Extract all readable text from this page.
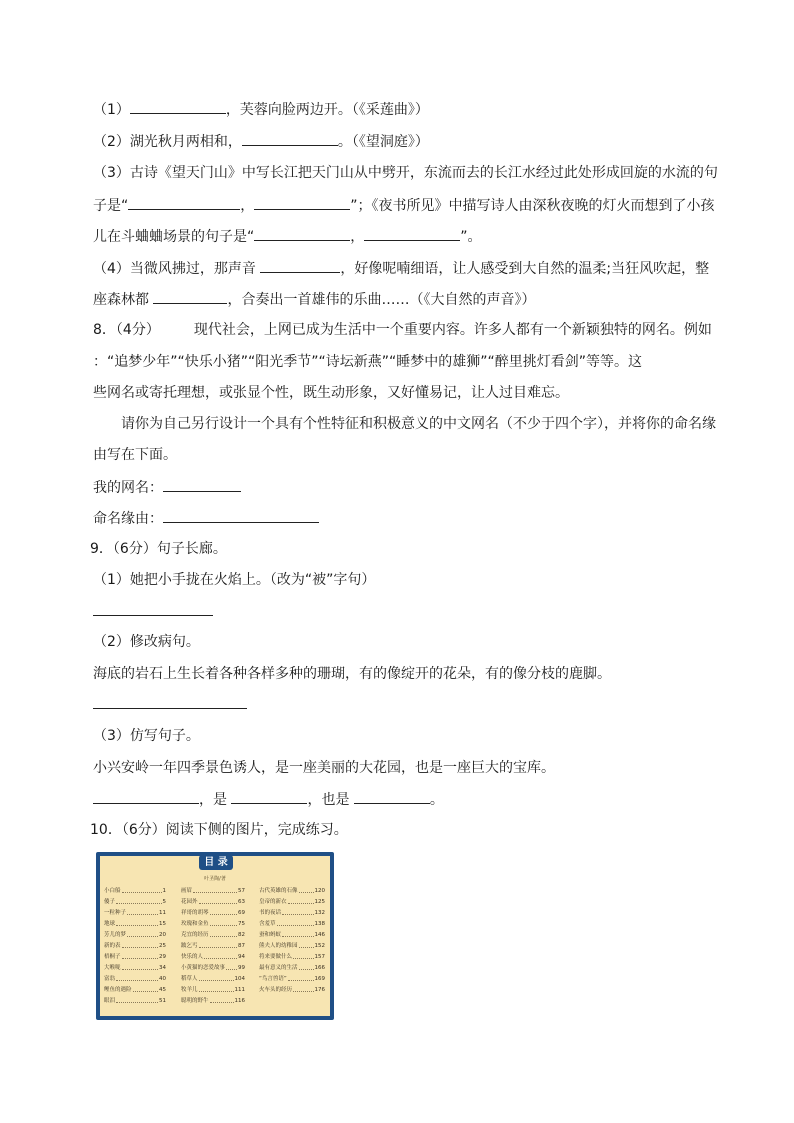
（1）	，芙蓉向脸两边开。（《采莲曲》）
（2）湖光秋月两相和，	。（《望洞庭》）
（3）古诗《望天门山》中写长江把天门山从中劈开，东流而去的长江水经过此处形成回旋的水流的句
子是“	，	”；《夜书所见》中描写诗人由深秋夜晚的灯火而想到了小孩
儿在斗蛐蛐场景的句子是“	，	”。
（4）当微风拂过，那声音	，好像呢喃细语，让人感受到大自然的温柔;当狂风吹起，整
座森林都	，合奏出一首雄伟的乐曲……（《大自然的声音》）
8．（4分） 现代社会，上网已成为生活中一个重要内容。许多人都有一个新颖独特的网名。例如
：“追梦少年”“快乐小猪”“阳光季节”“诗坛新燕”“睡梦中的雄狮”“醉里挑灯看剑”等等。这
些网名或寄托理想，或张显个性，既生动形象，又好懂易记，让人过目难忘。
请你为自己另行设计一个具有个性特征和积极意义的中文网名（不少于四个字），并将你的命名缘
由写在下面。
我的网名：
命名缘由：
9．（6分）句子长廊。
（1）她把小手拢在火焰上。（改为“被”字句）
（2）修改病句。
海底的岩石上生长着各种各样多种的珊瑚，有的像绽开的花朵，有的像分枝的鹿脚。
（3）仿写句子。
小兴安岭一年四季景色诱人，是一座美丽的大花园，也是一座巨大的宝库。
，是	，也是	。
10．（6分）阅读下侧的图片，完成练习。
目 录
叶圣陶/著
小白船	1
傻子	5
一粒种子	11
地球	15
芳儿的梦	20
新的表	25
梧桐子	29
大喉咙	34
富翁	40
鲤鱼的遇险	45
眼泪	51
画眉	57
花园外	63
祥哥的胡琴	69
玫瑰和金鱼	75
克宜的经历	82
跛乞丐	87
快乐的人	94
小黄猫的恋爱故事 99
稻草人	104
牧羊儿	111
聪明的野牛	116
古代英雄的石像	120
皇帝的新衣	125
书的夜话	132
含羞草	138
蚕和蚂蚁	146
熊夫人的幼稚园	152
将来要做什么	157
最有意义的生活	166
“鸟言兽语”	169
火车头的经历	176
